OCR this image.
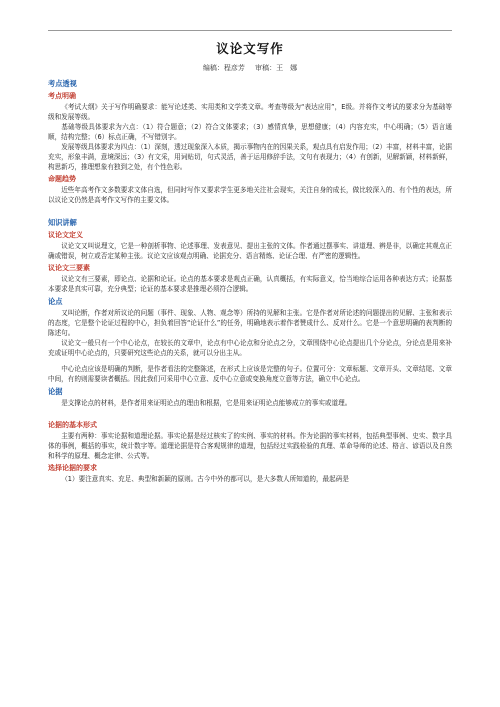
议论文写作
编稿：程彦芳 审稿：王　娜
考点透视
考点明确

《考试大纲》关于写作明确要求：能写论述类、实用类和文学类文章。考查等级为“表达应用”，E级。并将作文考试的要求分为基础等级和发展等级。

基础等级具体要求为六点：（1）符合题意；（2）符合文体要求；（3）感情真挚，思想健康；（4）内容充实，中心明确；（5）语言通顺，结构完整；（6）标点正确，不写错别字。

发展等级具体要求为四点：（1）深刻，透过现象深入本质，揭示事物内在的因果关系，观点具有启发作用；（2）丰富，材料丰富，论据充实，形象丰满，意境深远；（3）有文采，用词贴切，句式灵活，善于运用修辞手法，文句有表现力；（4）有创新，见解新颖，材料新鲜，构思新巧，推理想象有独到之处，有个性色彩。

命题趋势

近些年高考作文多数要求文体自选，但同时写作又要求学生更多地关注社会现实，关注自身的成长，做比较深入的、有个性的表达，所以议论文仍然是高考作文写作的主要文体。

知识讲解
议论文定义

议论文又叫说理文，它是一种剖析事物、论述事理、发表意见、提出主张的文体。作者通过摆事实、讲道理、辨是非，以确定其观点正确或错误，树立或否定某种主张。议论文应该观点明确、论据充分、语言精炼、论证合理、有严密的逻辑性。

议论文三要素

议论文有三要素，即论点、论据和论证。论点的基本要求是观点正确，认真概括，有实际意义，恰当地综合运用各种表达方式；论据基本要求是真实可靠，充分典型；论证的基本要求是推理必须符合逻辑。

论点

又叫论断，作者对所议论的问题（事件、现象、人物、观念等）所持的见解和主张。它是作者对所论述的问题提出的见解、主张和表示的态度，它是整个论证过程的中心，担负着回答“论证什么”的任务，明确地表示着作者赞成什么、反对什么。它是一个意思明确的表判断的陈述句。

议论文一般只有一个中心论点，在较长的文章中，论点有中心论点和分论点之分，文章围绕中心论点提出几个分论点，分论点是用来补充或证明中心论点的，只要研究这些论点的关系，就可以分出主从。

中心论点应该是明确的判断，是作者看法的完整陈述，在形式上应该是完整的句子。位置可分：文章标题、文章开头、文章结尾、文章中间，有的则需要读者概括。因此我们可采用中心立意、反中心立意或变换角度立意等方法，确立中心论点。

论据

是支撑论点的材料，是作者用来证明论点的理由和根据，它是用来证明论点能够成立的事实或道理。

论据的基本形式

主要有两种：事实论据和道理论据。事实论据是经过核实了的实例、事实的材料。作为论据的事实材料，包括典型事例、史实、数字具体的事例，概括的事实，统计数字等。道理论据是符合客观规律的道理，包括经过实践检验的真理、革命导师的论述、格言、谚语以及自然和科学的原理、概念定律、公式等。

选择论据的要求

（1）要注意真实、充足、典型和新颖的原则。古今中外的都可以，是大多数人所知道的，最起码是
